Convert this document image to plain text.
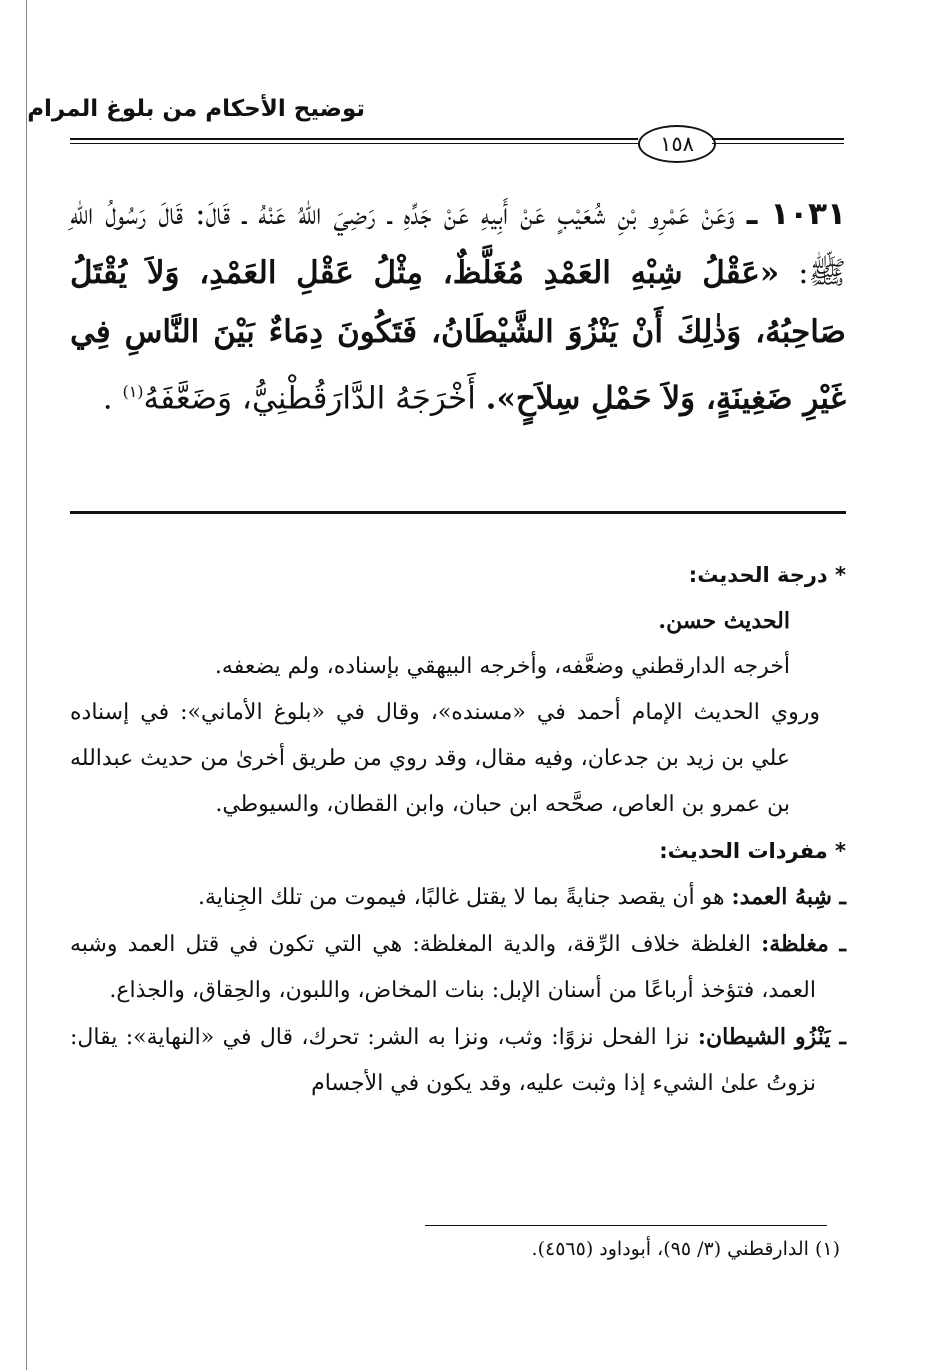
توضيح الأحكام من بلوغ المرام
١٥٨
١٠٣١ ـ وَعَنْ عَمْرِو بْنِ شُعَيْبٍ عَنْ أَبِيهِ عَنْ جَدِّهِ ـ رَضِيَ اللهُ عَنْهُ ـ قَالَ: قَالَ رَسُولُ اللهِ ﷺ: «عَقْلُ شِبْهِ العَمْدِ مُغَلَّظٌ، مِثْلُ عَقْلِ العَمْدِ، وَلاَ يُقْتَلُ صَاحِبُهُ، وَذٰلِكَ أَنْ يَنْزُوَ الشَّيْطَانُ، فَتَكُونَ دِمَاءٌ بَيْنَ النَّاسِ فِي غَيْرِ ضَغِينَةٍ، وَلاَ حَمْلِ سِلاَحٍ». أَخْرَجَهُ الدَّارَقُطْنِيُّ، وَضَعَّفَهُ$^{(١)}$ .

* درجة الحديث:

الحديث حسن.

أخرجه الدارقطني وضعَّفه، وأخرجه البيهقي بإسناده، ولم يضعفه.

وروي الحديث الإمام أحمد في «مسنده»، وقال في «بلوغ الأماني»: في إسناده علي بن زيد بن جدعان، وفيه مقال، وقد روي من طريق أخرىٰ من حديث عبدالله بن عمرو بن العاص، صحَّحه ابن حبان، وابن القطان، والسيوطي.

* مفردات الحديث:

ـ شِبهُ العمد: هو أن يقصد جنايةً بما لا يقتل غالبًا، فيموت من تلك الجِناية.

ـ مغلظة: الغلظة خلاف الرِّقة، والدية المغلظة: هي التي تكون في قتل العمد وشبه العمد، فتؤخذ أرباعًا من أسنان الإبل: بنات المخاض، واللبون، والحِقاق، والجذاع.

ـ يَنْزُو الشيطان: نزا الفحل نزوًا: وثب، ونزا به الشر: تحرك، قال في «النهاية»: يقال: نزوتُ علىٰ الشيء إذا وثبت عليه، وقد يكون في الأجسام

(١) الدارقطني (٣/ ٩٥)، أبوداود (٤٥٦٥).
